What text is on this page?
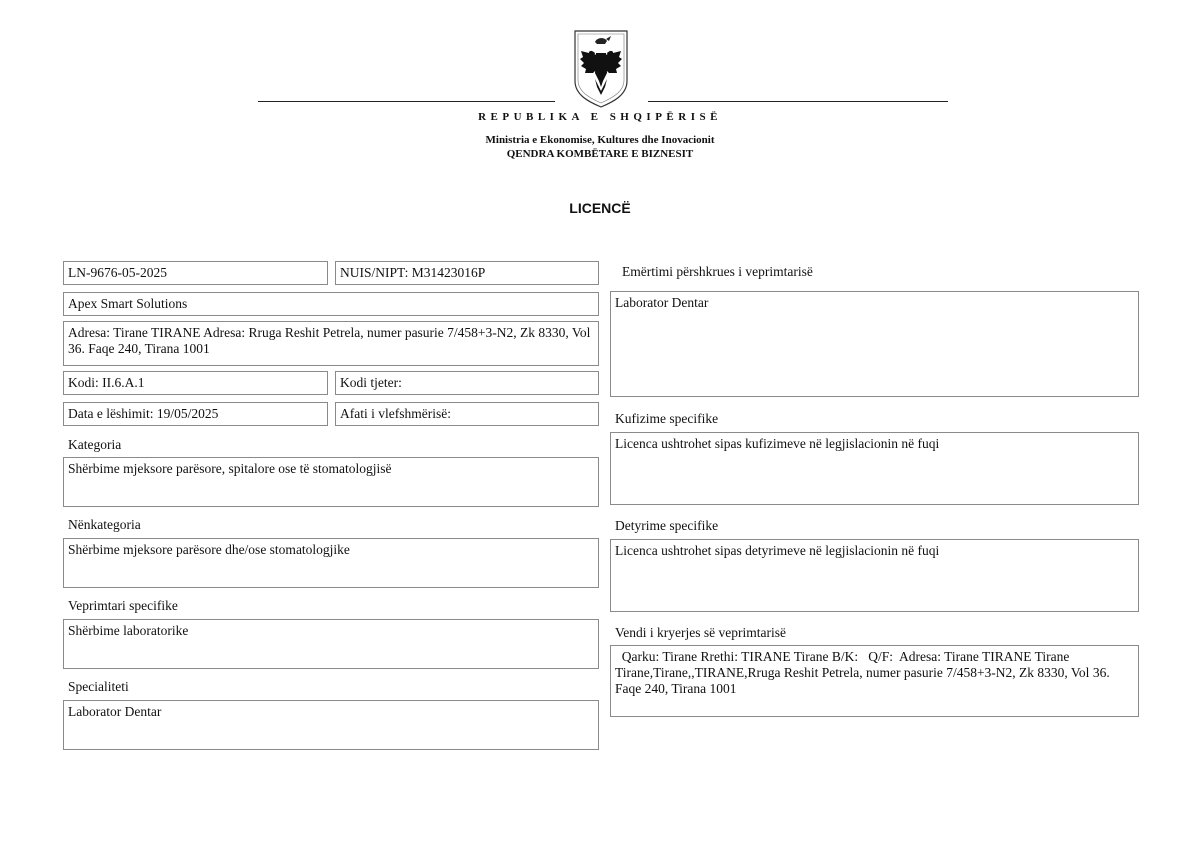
REPUBLIKA E SHQIPËRISË
Ministria e Ekonomise, Kultures dhe Inovacionit
QENDRA KOMBËTARE E BIZNESIT
LICENCË
LN-9676-05-2025	NUIS/NIPT: M31423016P
Apex Smart Solutions
Adresa: Tirane TIRANE Adresa: Rruga Reshit Petrela, numer pasurie 7/458+3-N2, Zk 8330, Vol 36. Faqe 240, Tirana 1001
Kodi: II.6.A.1	Kodi tjeter:
Data e lëshimit: 19/05/2025	Afati i vlefshmërisë:
Kategoria
Shërbime mjeksore parësore, spitalore ose të stomatologjisë
Nënkategoria
Shërbime mjeksore parësore dhe/ose stomatologjike
Veprimtari specifike
Shërbime laboratorike
Specialiteti
Laborator Dentar
Emërtimi përshkrues i veprimtarisë
Laborator Dentar
Kufizime specifike
Licenca ushtrohet sipas kufizimeve në legjislacionin në fuqi
Detyrime specifike
Licenca ushtrohet sipas detyrimeve në legjislacionin në fuqi
Vendi i kryerjes së veprimtarisë
Qarku: Tirane Rrethi: TIRANE Tirane B/K:   Q/F:  Adresa: Tirane TIRANE Tirane  Tirane,Tirane,,TIRANE,Rruga Reshit Petrela, numer pasurie 7/458+3-N2, Zk 8330, Vol 36. Faqe 240, Tirana 1001
